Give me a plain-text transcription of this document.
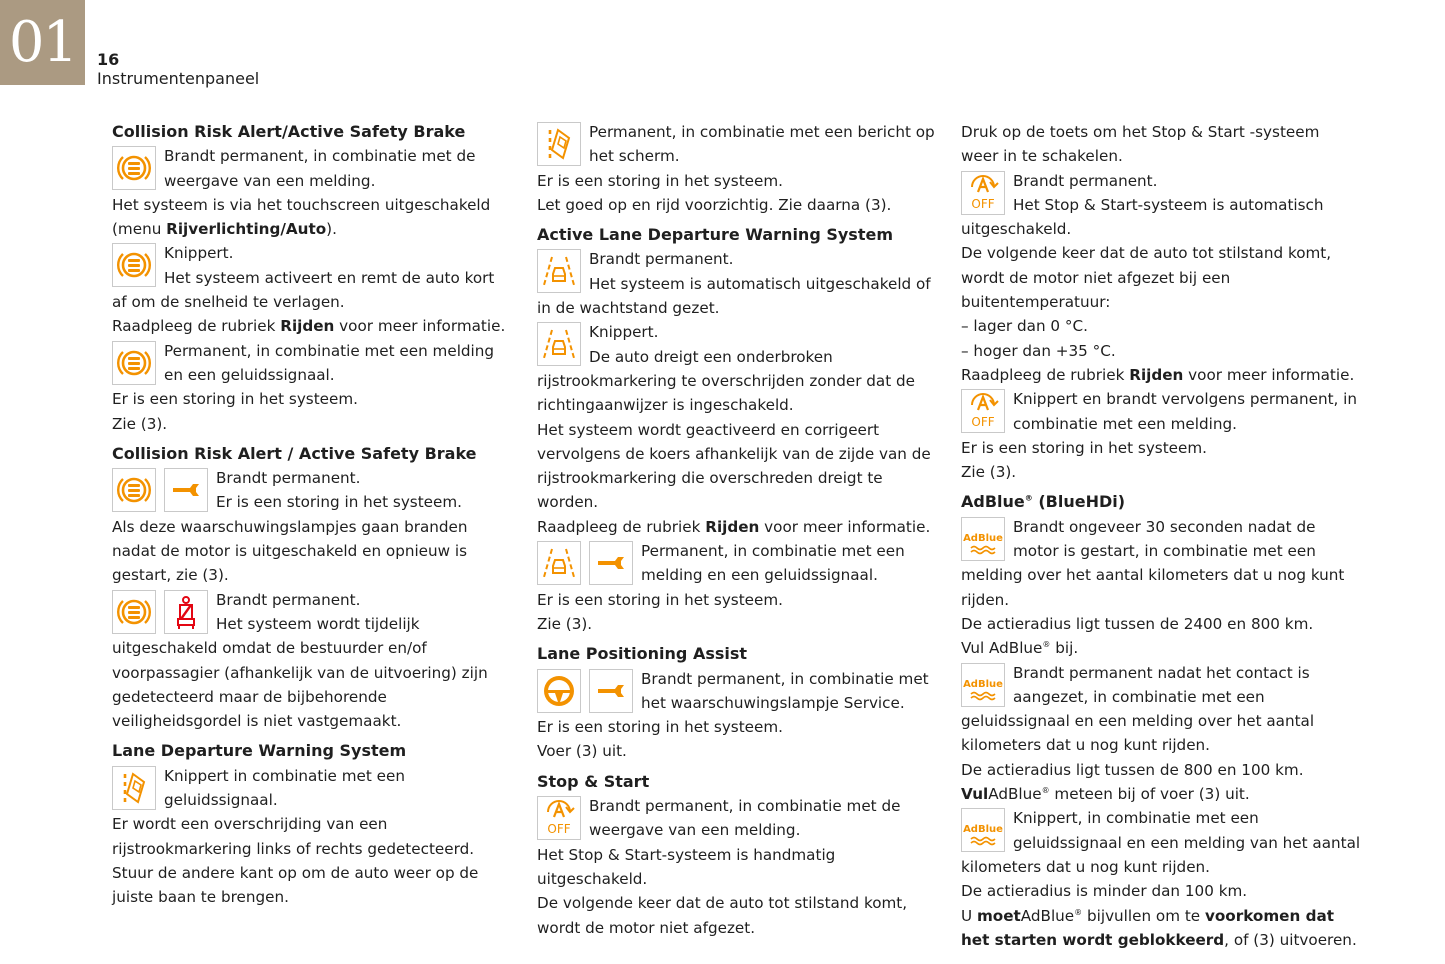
01	16
Instrumentenpaneel
Collision Risk Alert/Active Safety Brake

Brandt permanent, in combinatie met de weergave van een melding.

Het systeem is via het touchscreen uitgeschakeld (menu Rijverlichting/Auto).

Knippert.

Het systeem activeert en remt de auto kort af om de snelheid te verlagen.

Raadpleeg de rubriek Rijden voor meer informatie.

Permanent, in combinatie met een melding en een geluidssignaal.

Er is een storing in het systeem.

Zie (3).

Collision Risk Alert / Active Safety Brake

Brandt permanent.

Er is een storing in het systeem.

Als deze waarschuwingslampjes gaan branden nadat de motor is uitgeschakeld en opnieuw is gestart, zie (3).

Brandt permanent.

Het systeem wordt tijdelijk uitgeschakeld omdat de bestuurder en/of voorpassagier (afhankelijk van de uitvoering) zijn gedetecteerd maar de bijbehorende veiligheidsgordel is niet vastgemaakt.

Lane Departure Warning System

Knippert in combinatie met een geluidssignaal.

Er wordt een overschrijding van een rijstrookmarkering links of rechts gedetecteerd.

Stuur de andere kant op om de auto weer op de juiste baan te brengen.

Permanent, in combinatie met een bericht op het scherm.

Er is een storing in het systeem.

Let goed op en rijd voorzichtig. Zie daarna (3).

Active Lane Departure Warning System

Brandt permanent.

Het systeem is automatisch uitgeschakeld of in de wachtstand gezet.

Knippert.

De auto dreigt een onderbroken rijstrookmarkering te overschrijden zonder dat de richtingaanwijzer is ingeschakeld.

Het systeem wordt geactiveerd en corrigeert vervolgens de koers afhankelijk van de zijde van de rijstrookmarkering die overschreden dreigt te worden.

Raadpleeg de rubriek Rijden voor meer informatie.

Permanent, in combinatie met een melding en een geluidssignaal.

Er is een storing in het systeem.

Zie (3).

Lane Positioning Assist

Brandt permanent, in combinatie met het waarschuwingslampje Service.

Er is een storing in het systeem.

Voer (3) uit.

Stop & Start
OFF

Brandt permanent, in combinatie met de weergave van een melding.

Het Stop & Start-systeem is handmatig uitgeschakeld.

De volgende keer dat de auto tot stilstand komt, wordt de motor niet afgezet.

Druk op de toets om het Stop & Start -systeem weer in te schakelen.

OFF

Brandt permanent.

Het Stop & Start-systeem is automatisch uitgeschakeld.

De volgende keer dat de auto tot stilstand komt, wordt de motor niet afgezet bij een buitentemperatuur:

– lager dan 0 °C.
– hoger dan +35 °C.

Raadpleeg de rubriek Rijden voor meer informatie.

OFF

Knippert en brandt vervolgens permanent, in combinatie met een melding.

Er is een storing in het systeem.

Zie (3).

AdBlue® (BlueHDi)
AdBlue

Brandt ongeveer 30 seconden nadat de motor is gestart, in combinatie met een melding over het aantal kilometers dat u nog kunt rijden.

De actieradius ligt tussen de 2400 en 800 km.

Vul AdBlue® bij.

AdBlue

Brandt permanent nadat het contact is aangezet, in combinatie met een geluidssignaal en een melding over het aantal kilometers dat u nog kunt rijden.

De actieradius ligt tussen de 800 en 100 km.

VulAdBlue® meteen bij of voer (3) uit.

AdBlue

Knippert, in combinatie met een geluidssignaal en een melding van het aantal kilometers dat u nog kunt rijden.

De actieradius is minder dan 100 km.

U moetAdBlue® bijvullen om te voorkomen dat het starten wordt geblokkeerd, of (3) uitvoeren.
